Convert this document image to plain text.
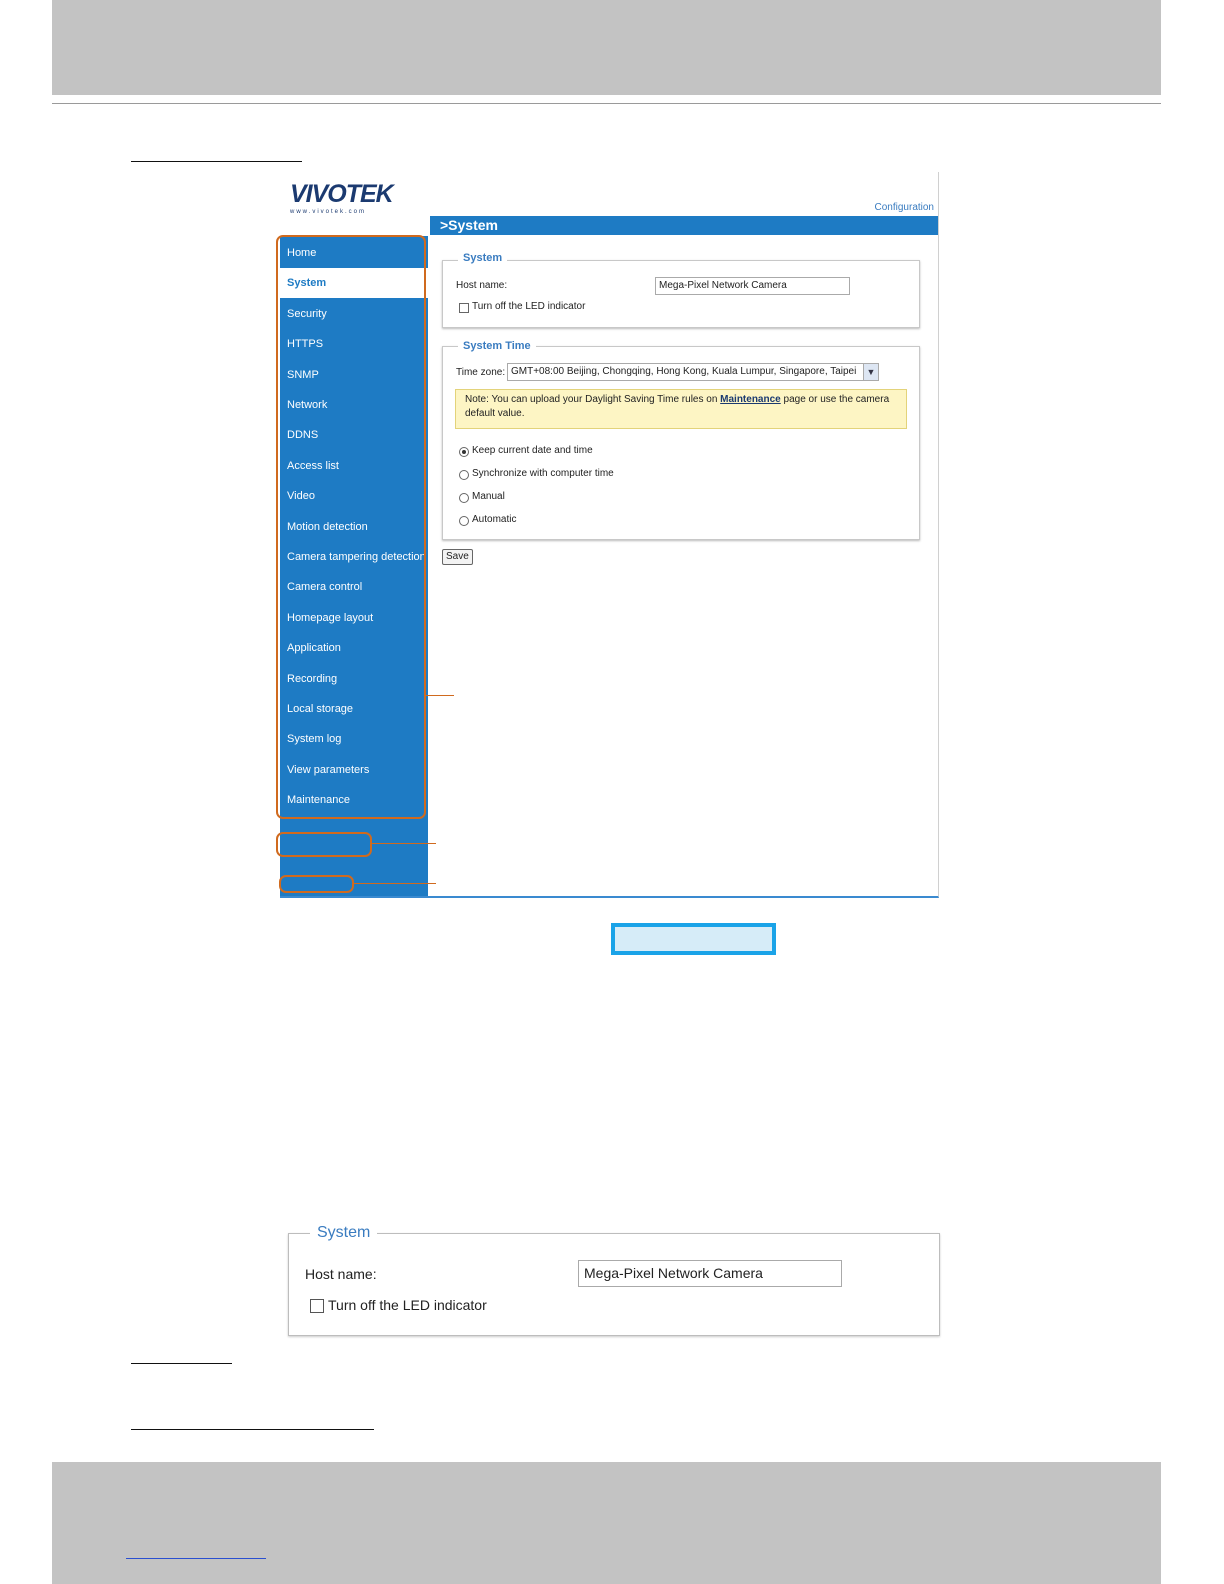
VIVOTEK
www.vivotek.com	Configuration
>System
Home
System
Security
HTTPS
SNMP
Network
DDNS
Access list
Video
Motion detection
Camera tampering detection
Camera control
Homepage layout
Application
Recording
Local storage
System log
View parameters
Maintenance
[ Basic mode ]
Version: 0200b
System
Host name:	Mega-Pixel Network Camera
Turn off the LED indicator
System Time
Time zone: GMT+08:00 Beijing, Chongqing, Hong Kong, Kuala Lumpur, Singapore, Taipei	▼
Note: You can upload your Daylight Saving Time rules on Maintenance page or use the camera default value.
Keep current date and time
Synchronize with computer time
Manual
Automatic
Save
System
Host name:	Mega-Pixel Network Camera
Turn off the LED indicator
